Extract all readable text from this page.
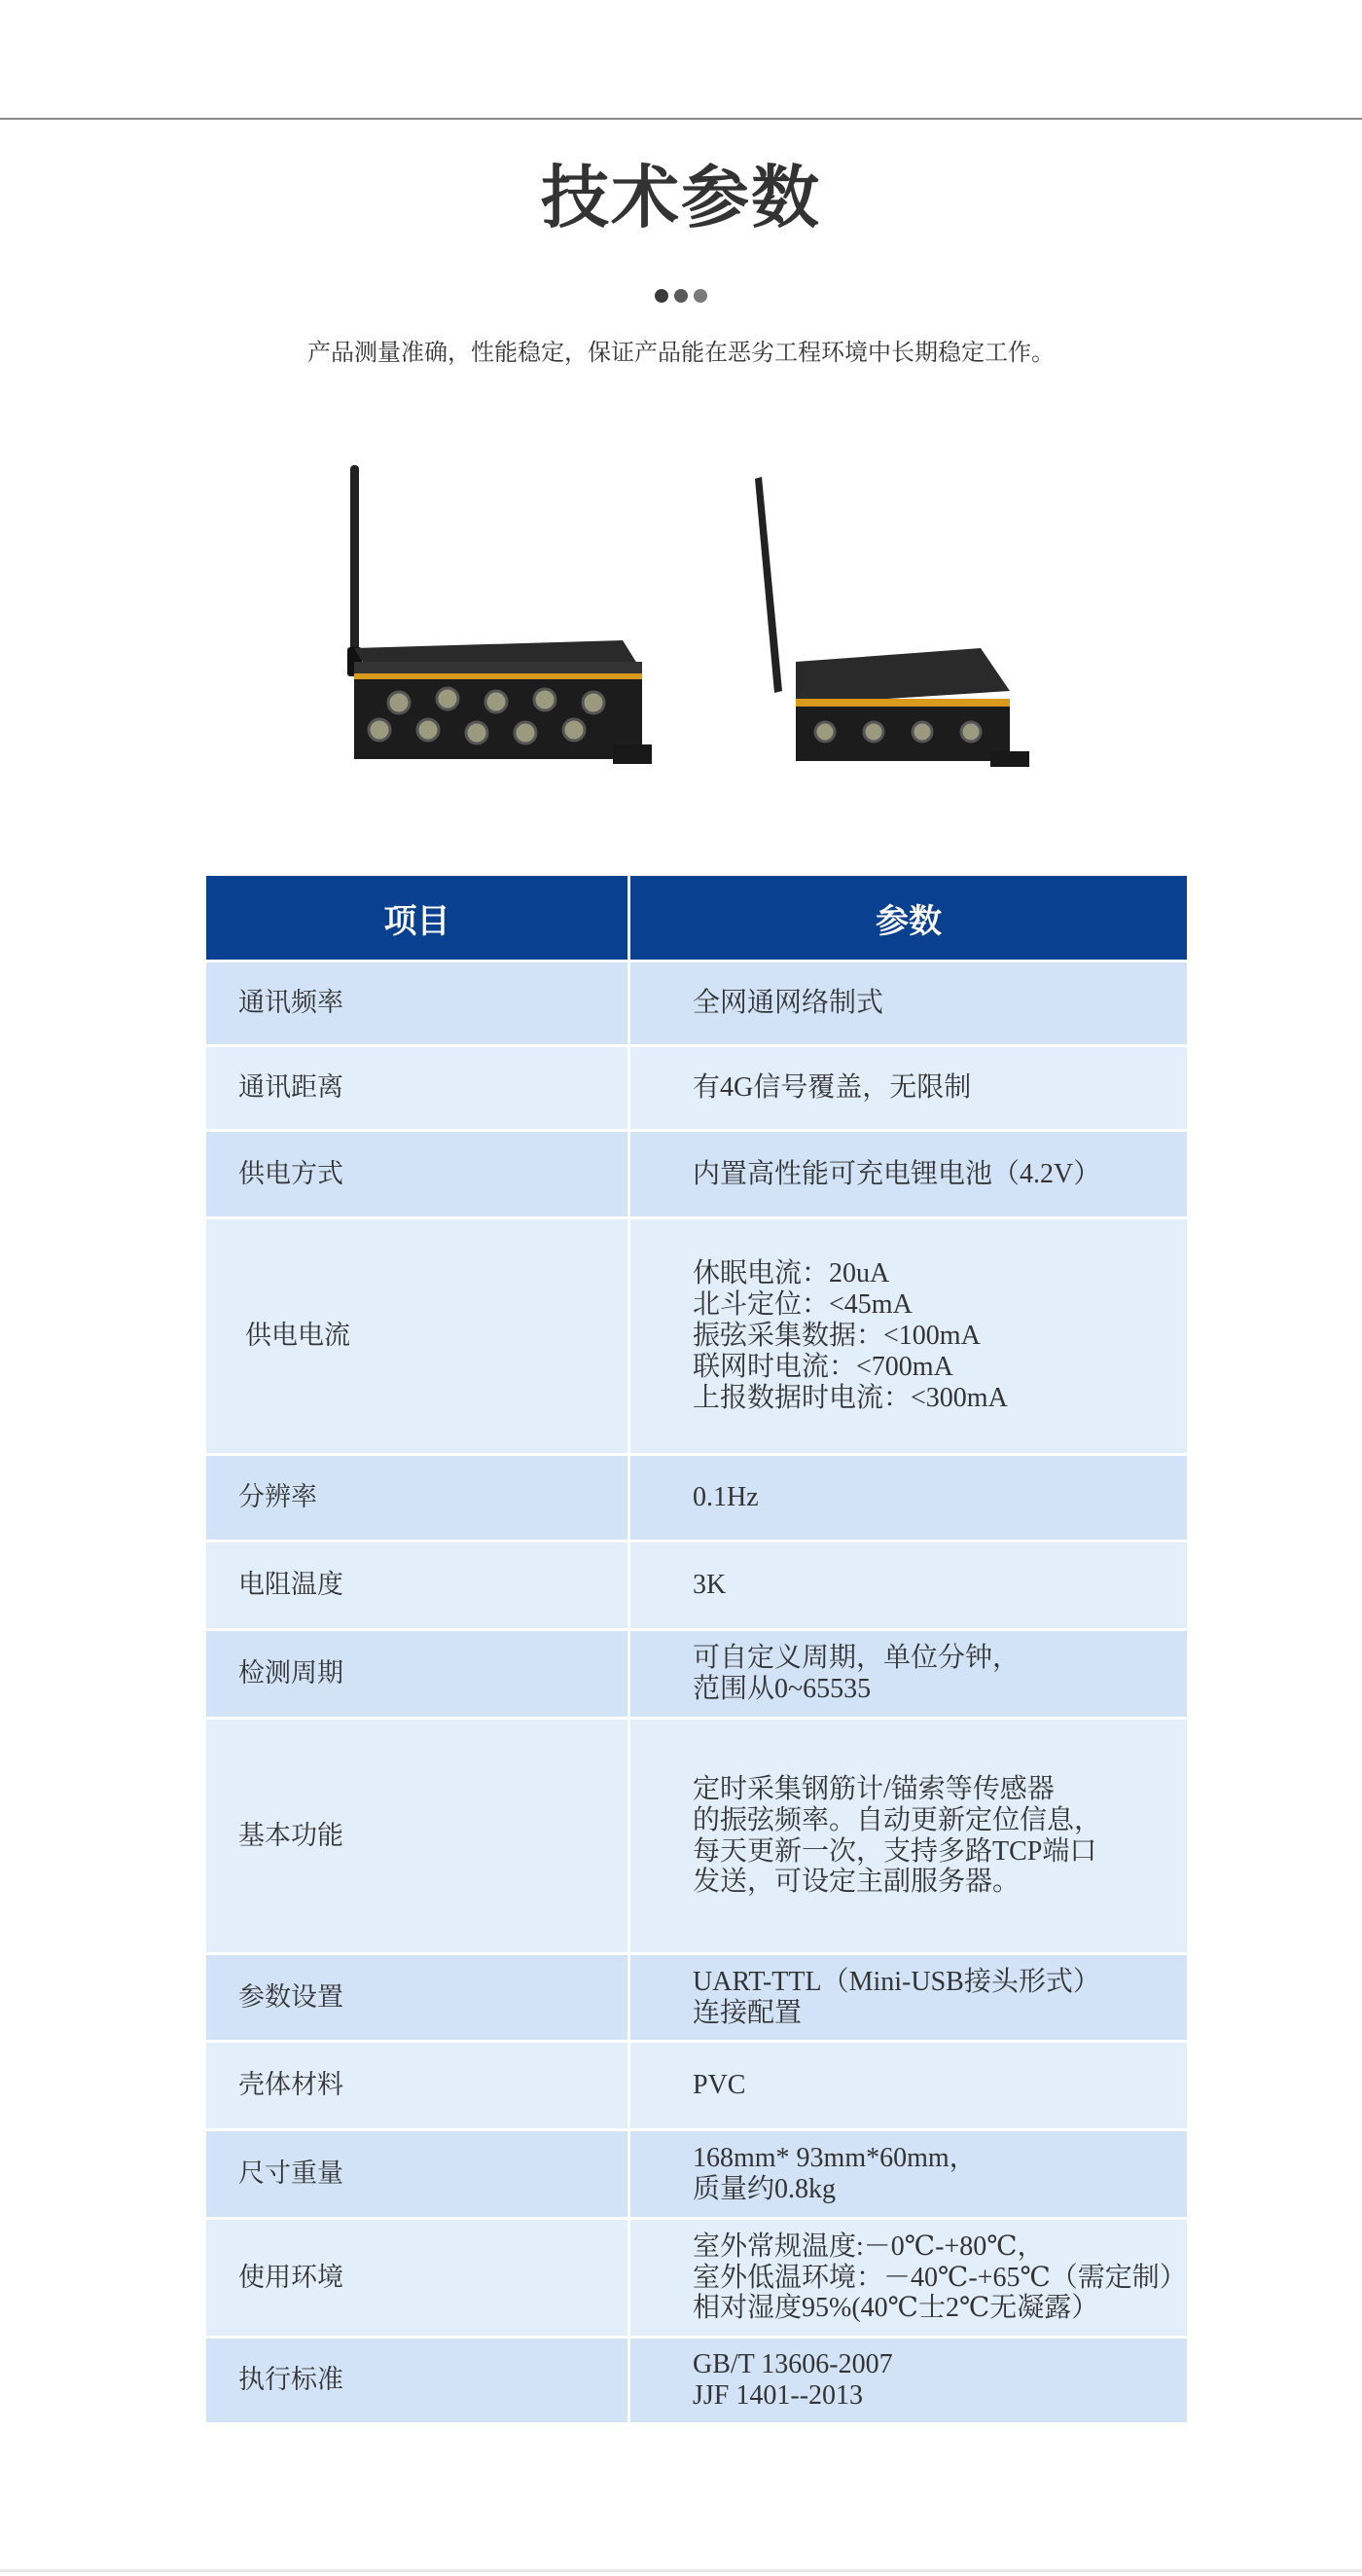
技术参数
产品测量准确，性能稳定，保证产品能在恶劣工程环境中长期稳定工作。
项目	参数
通讯频率	全网通网络制式

通讯距离	有4G信号覆盖，无限制

供电方式	内置高性能可充电锂电池（4.2V）

供电电流	休眠电流：20uA
北斗定位：<45mA
振弦采集数据：<100mA
联网时电流：<700mA
上报数据时电流：<300mA

分辨率	0.1Hz

电阻温度	3K

检测周期	可自定义周期，单位分钟，
范围从0~65535

基本功能	定时采集钢筋计/锚索等传感器
的振弦频率。自动更新定位信息，
每天更新一次，支持多路TCP端口
发送，可设定主副服务器。

参数设置	UART-TTL（Mini-USB接头形式）
连接配置

壳体材料	PVC

尺寸重量	168mm* 93mm*60mm，
质量约0.8kg

使用环境	室外常规温度:－0℃-+80℃，
室外低温环境：－40℃-+65℃（需定制）
相对湿度95%(40℃士2℃无凝露）

执行标准	GB/T 13606-2007
JJF 1401--2013
